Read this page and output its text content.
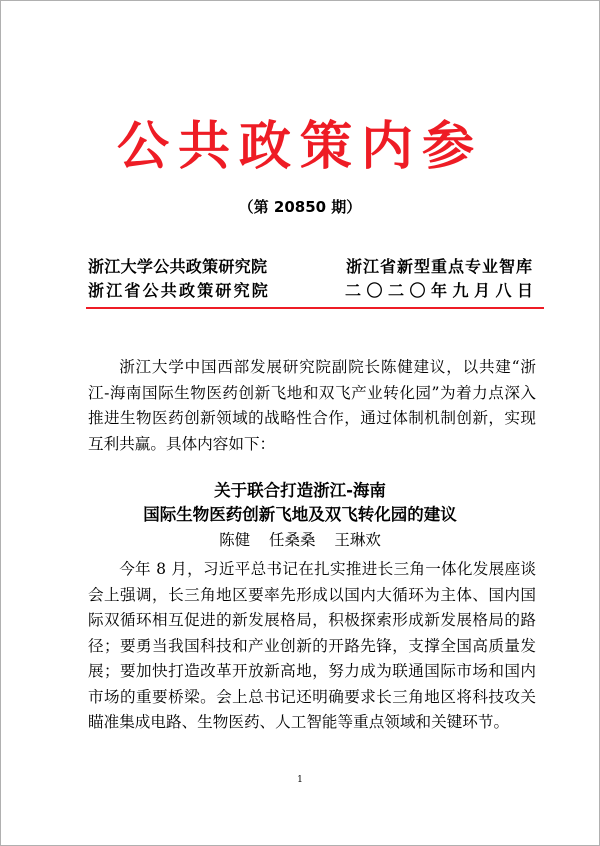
公共政策内参
（第 20850 期）
浙江大学公共政策研究院
浙江省公共政策研究院
浙江省新型重点专业智库
二〇二〇年九月八日
浙江大学中国西部发展研究院副院长陈健建议，以共建“浙江-海南国际生物医药创新飞地和双飞产业转化园”为着力点深入推进生物医药创新领域的战略性合作，通过体制机制创新，实现互利共赢。具体内容如下：
关于联合打造浙江-海南
国际生物医药创新飞地及双飞转化园的建议
陈健 任桑桑 王琳欢
今年 8 月，习近平总书记在扎实推进长三角一体化发展座谈会上强调，长三角地区要率先形成以国内大循环为主体、国内国际双循环相互促进的新发展格局，积极探索形成新发展格局的路径；要勇当我国科技和产业创新的开路先锋，支撑全国高质量发展；要加快打造改革开放新高地，努力成为联通国际市场和国内市场的重要桥梁。会上总书记还明确要求长三角地区将科技攻关瞄准集成电路、生物医药、人工智能等重点领域和关键环节。
1
